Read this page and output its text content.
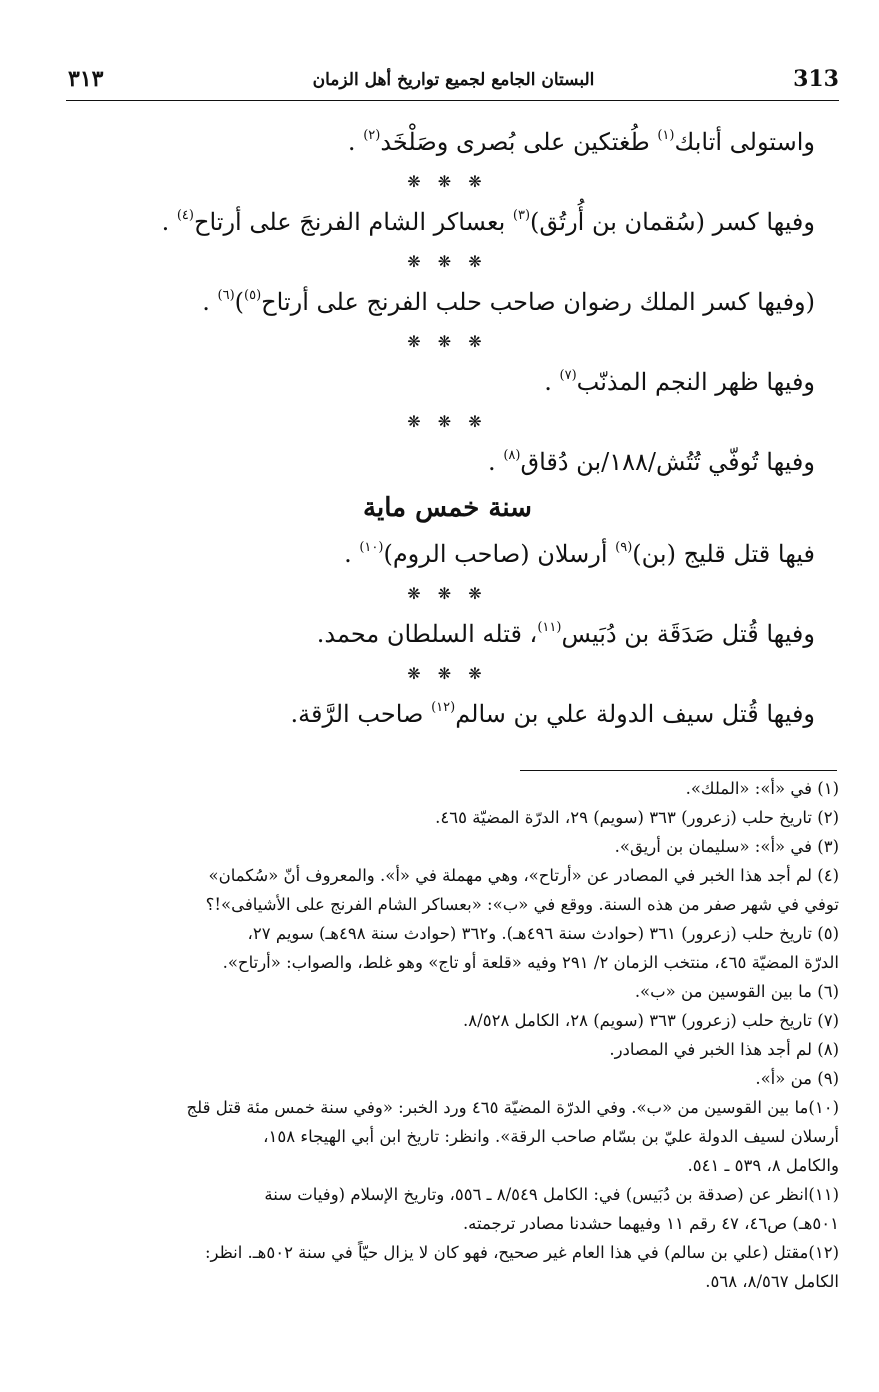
313
البستان الجامع لجميع تواريخ أهل الزمان
٣١٣
واستولى أتابك$^{(١)}$ طُغتكين على بُصرى وصَلْخَد$^{(٢)}$ .
❋ ❋ ❋
وفيها كسر (سُقمان بن أُرتُق)$^{(٣)}$ بعساكر الشام الفرنجَ على أرتاح$^{(٤)}$ .
❋ ❋ ❋
(وفيها كسر الملك رضوان صاحب حلب الفرنج على أرتاح$^{(٥)}$)$^{(٦)}$ .
❋ ❋ ❋
وفيها ظهر النجم المذنّب$^{(٧)}$ .
❋ ❋ ❋
وفيها تُوفّي تُتُش/١٨٨/بن دُقاق$^{(٨)}$ .
سنة خمس ماية
فيها قتل قليج (بن)$^{(٩)}$ أرسلان (صاحب الروم)$^{(١٠)}$ .
❋ ❋ ❋
وفيها قُتل صَدَقَة بن دُبَيس$^{(١١)}$، قتله السلطان محمد.
❋ ❋ ❋
وفيها قُتل سيف الدولة علي بن سالم$^{(١٢)}$ صاحب الرَّقة.
(١) في «أ»: «الملك».
(٢) تاريخ حلب (زعرور) ٣٦٣ (سويم) ٢٩، الدرّة المضيّة ٤٦٥.
(٣) في «أ»: «سليمان بن أريق».
(٤) لم أجد هذا الخبر في المصادر عن «أرتاح»، وهي مهملة في «أ». والمعروف أنّ «سُكمان»
توفي في شهر صفر من هذه السنة. ووقع في «ب»: «بعساكر الشام الفرنج على الأشيافى»!؟
(٥) تاريخ حلب (زعرور) ٣٦١ (حوادث سنة ٤٩٦هـ). و٣٦٢ (حوادث سنة ٤٩٨هـ) سويم ٢٧،
الدرّة المضيّة ٤٦٥، منتخب الزمان ٢/ ٢٩١ وفيه «قلعة أو تاج» وهو غلط، والصواب: «أرتاح».
(٦) ما بين القوسين من «ب».
(٧) تاريخ حلب (زعرور) ٣٦٣ (سويم) ٢٨، الكامل ٨/٥٢٨.
(٨) لم أجد هذا الخبر في المصادر.
(٩) من «أ».
(١٠)ما بين القوسين من «ب». وفي الدرّة المضيّة ٤٦٥ ورد الخبر: «وفي سنة خمس مئة قتل قلج
أرسلان لسيف الدولة عليّ بن بسّام صاحب الرقة». وانظر: تاريخ ابن أبي الهيجاء ١٥٨،
والكامل ٨، ٥٣٩ ـ ٥٤١.
(١١)انظر عن (صدقة بن دُبَيس) في: الكامل ٨/٥٤٩ ـ ٥٥٦، وتاريخ الإسلام (وفيات سنة
٥٠١هـ) ص٤٦، ٤٧ رقم ١١ وفيهما حشدنا مصادر ترجمته.
(١٢)مقتل (علي بن سالم) في هذا العام غير صحيح، فهو كان لا يزال حيّاً في سنة ٥٠٢هـ. انظر:
الكامل ٨/٥٦٧، ٥٦٨.
